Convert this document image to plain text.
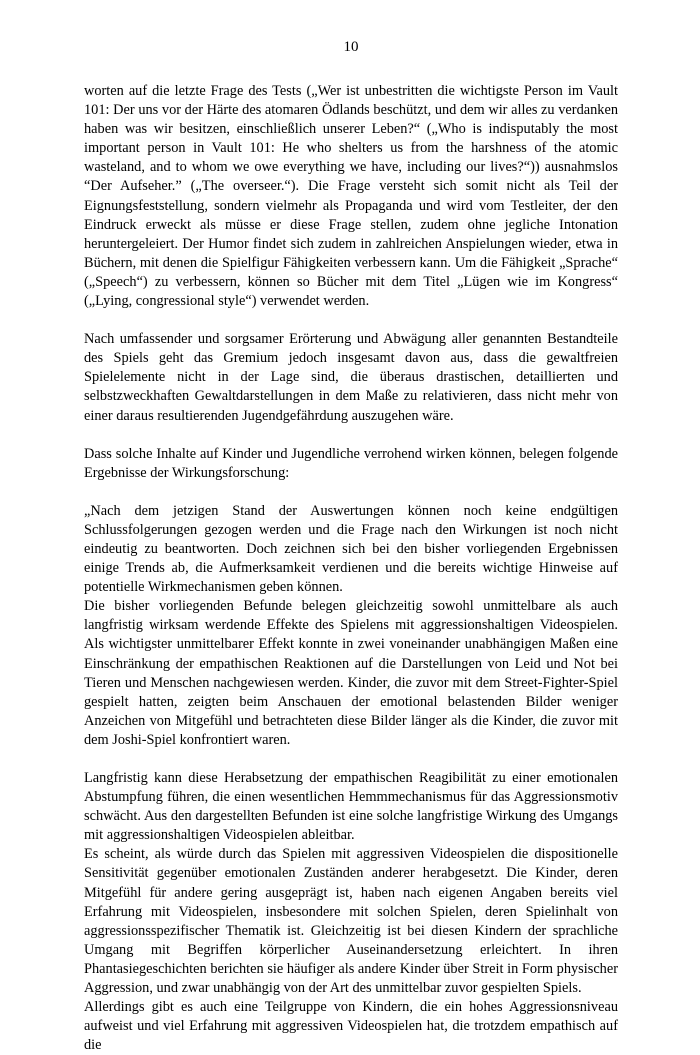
10

worten auf die letzte Frage des Tests („Wer ist unbestritten die wichtigste Person im Vault 101: Der uns vor der Härte des atomaren Ödlands beschützt, und dem wir alles zu verdanken haben was wir besitzen, einschließlich unserer Leben?“ („Who is indisputably the most important person in Vault 101: He who shelters us from the harshness of the atomic wasteland, and to whom we owe everything we have, including our lives?“)) ausnahmslos “Der Aufseher.” („The overseer.“). Die Frage versteht sich somit nicht als Teil der Eignungsfeststellung, sondern vielmehr als Propaganda und wird vom Testleiter, der den Eindruck erweckt als müsse er diese Frage stellen, zudem ohne jegliche Intonation heruntergeleiert. Der Humor findet sich zudem in zahlreichen Anspielungen wieder, etwa in Büchern, mit denen die Spielfigur Fähigkeiten verbessern kann. Um die Fähigkeit „Sprache“ („Speech“) zu verbessern, können so Bücher mit dem Titel „Lügen wie im Kongress“ („Lying, congressional style“) verwendet werden.

Nach umfassender und sorgsamer Erörterung und Abwägung aller genannten Bestandteile des Spiels geht das Gremium jedoch insgesamt davon aus, dass die gewaltfreien Spielelemente nicht in der Lage sind, die überaus drastischen, detaillierten und selbstzweckhaften Gewaltdarstellungen in dem Maße zu relativieren, dass nicht mehr von einer daraus resultierenden Jugendgefährdung auszugehen wäre.

Dass solche Inhalte auf Kinder und Jugendliche verrohend wirken können, belegen folgende Ergebnisse der Wirkungsforschung:

„Nach dem jetzigen Stand der Auswertungen können noch keine endgültigen Schlussfolgerungen gezogen werden und die Frage nach den Wirkungen ist noch nicht eindeutig zu beantworten. Doch zeichnen sich bei den bisher vorliegenden Ergebnissen einige Trends ab, die Aufmerksamkeit verdienen und die bereits wichtige Hinweise auf potentielle Wirkmechanismen geben können.

Die bisher vorliegenden Befunde belegen gleichzeitig sowohl unmittelbare als auch langfristig wirksam werdende Effekte des Spielens mit aggressionshaltigen Videospielen. Als wichtigster unmittelbarer Effekt konnte in zwei voneinander unabhängigen Maßen eine Einschränkung der empathischen Reaktionen auf die Darstellungen von Leid und Not bei Tieren und Menschen nachgewiesen werden. Kinder, die zuvor mit dem Street-Fighter-Spiel gespielt hatten, zeigten beim Anschauen der emotional belastenden Bilder weniger Anzeichen von Mitgefühl und betrachteten diese Bilder länger als die Kinder, die zuvor mit dem Joshi-Spiel konfrontiert waren.

Langfristig kann diese Herabsetzung der empathischen Reagibilität zu einer emotionalen Abstumpfung führen, die einen wesentlichen Hemmmechanismus für das Aggressionsmotiv schwächt. Aus den dargestellten Befunden ist eine solche langfristige Wirkung des Umgangs mit aggressionshaltigen Videospielen ableitbar.

Es scheint, als würde durch das Spielen mit aggressiven Videospielen die dispositionelle Sensitivität gegenüber emotionalen Zuständen anderer herabgesetzt. Die Kinder, deren Mitgefühl für andere gering ausgeprägt ist, haben nach eigenen Angaben bereits viel Erfahrung mit Videospielen, insbesondere mit solchen Spielen, deren Spielinhalt von aggressionsspezifischer Thematik ist. Gleichzeitig ist bei diesen Kindern der sprachliche Umgang mit Begriffen körperlicher Auseinandersetzung erleichtert. In ihren Phantasiegeschichten berichten sie häufiger als andere Kinder über Streit in Form physischer Aggression, und zwar unabhängig von der Art des unmittelbar zuvor gespielten Spiels.

Allerdings gibt es auch eine Teilgruppe von Kindern, die ein hohes Aggressionsniveau aufweist und viel Erfahrung mit aggressiven Videospielen hat, die trotzdem empathisch auf die
